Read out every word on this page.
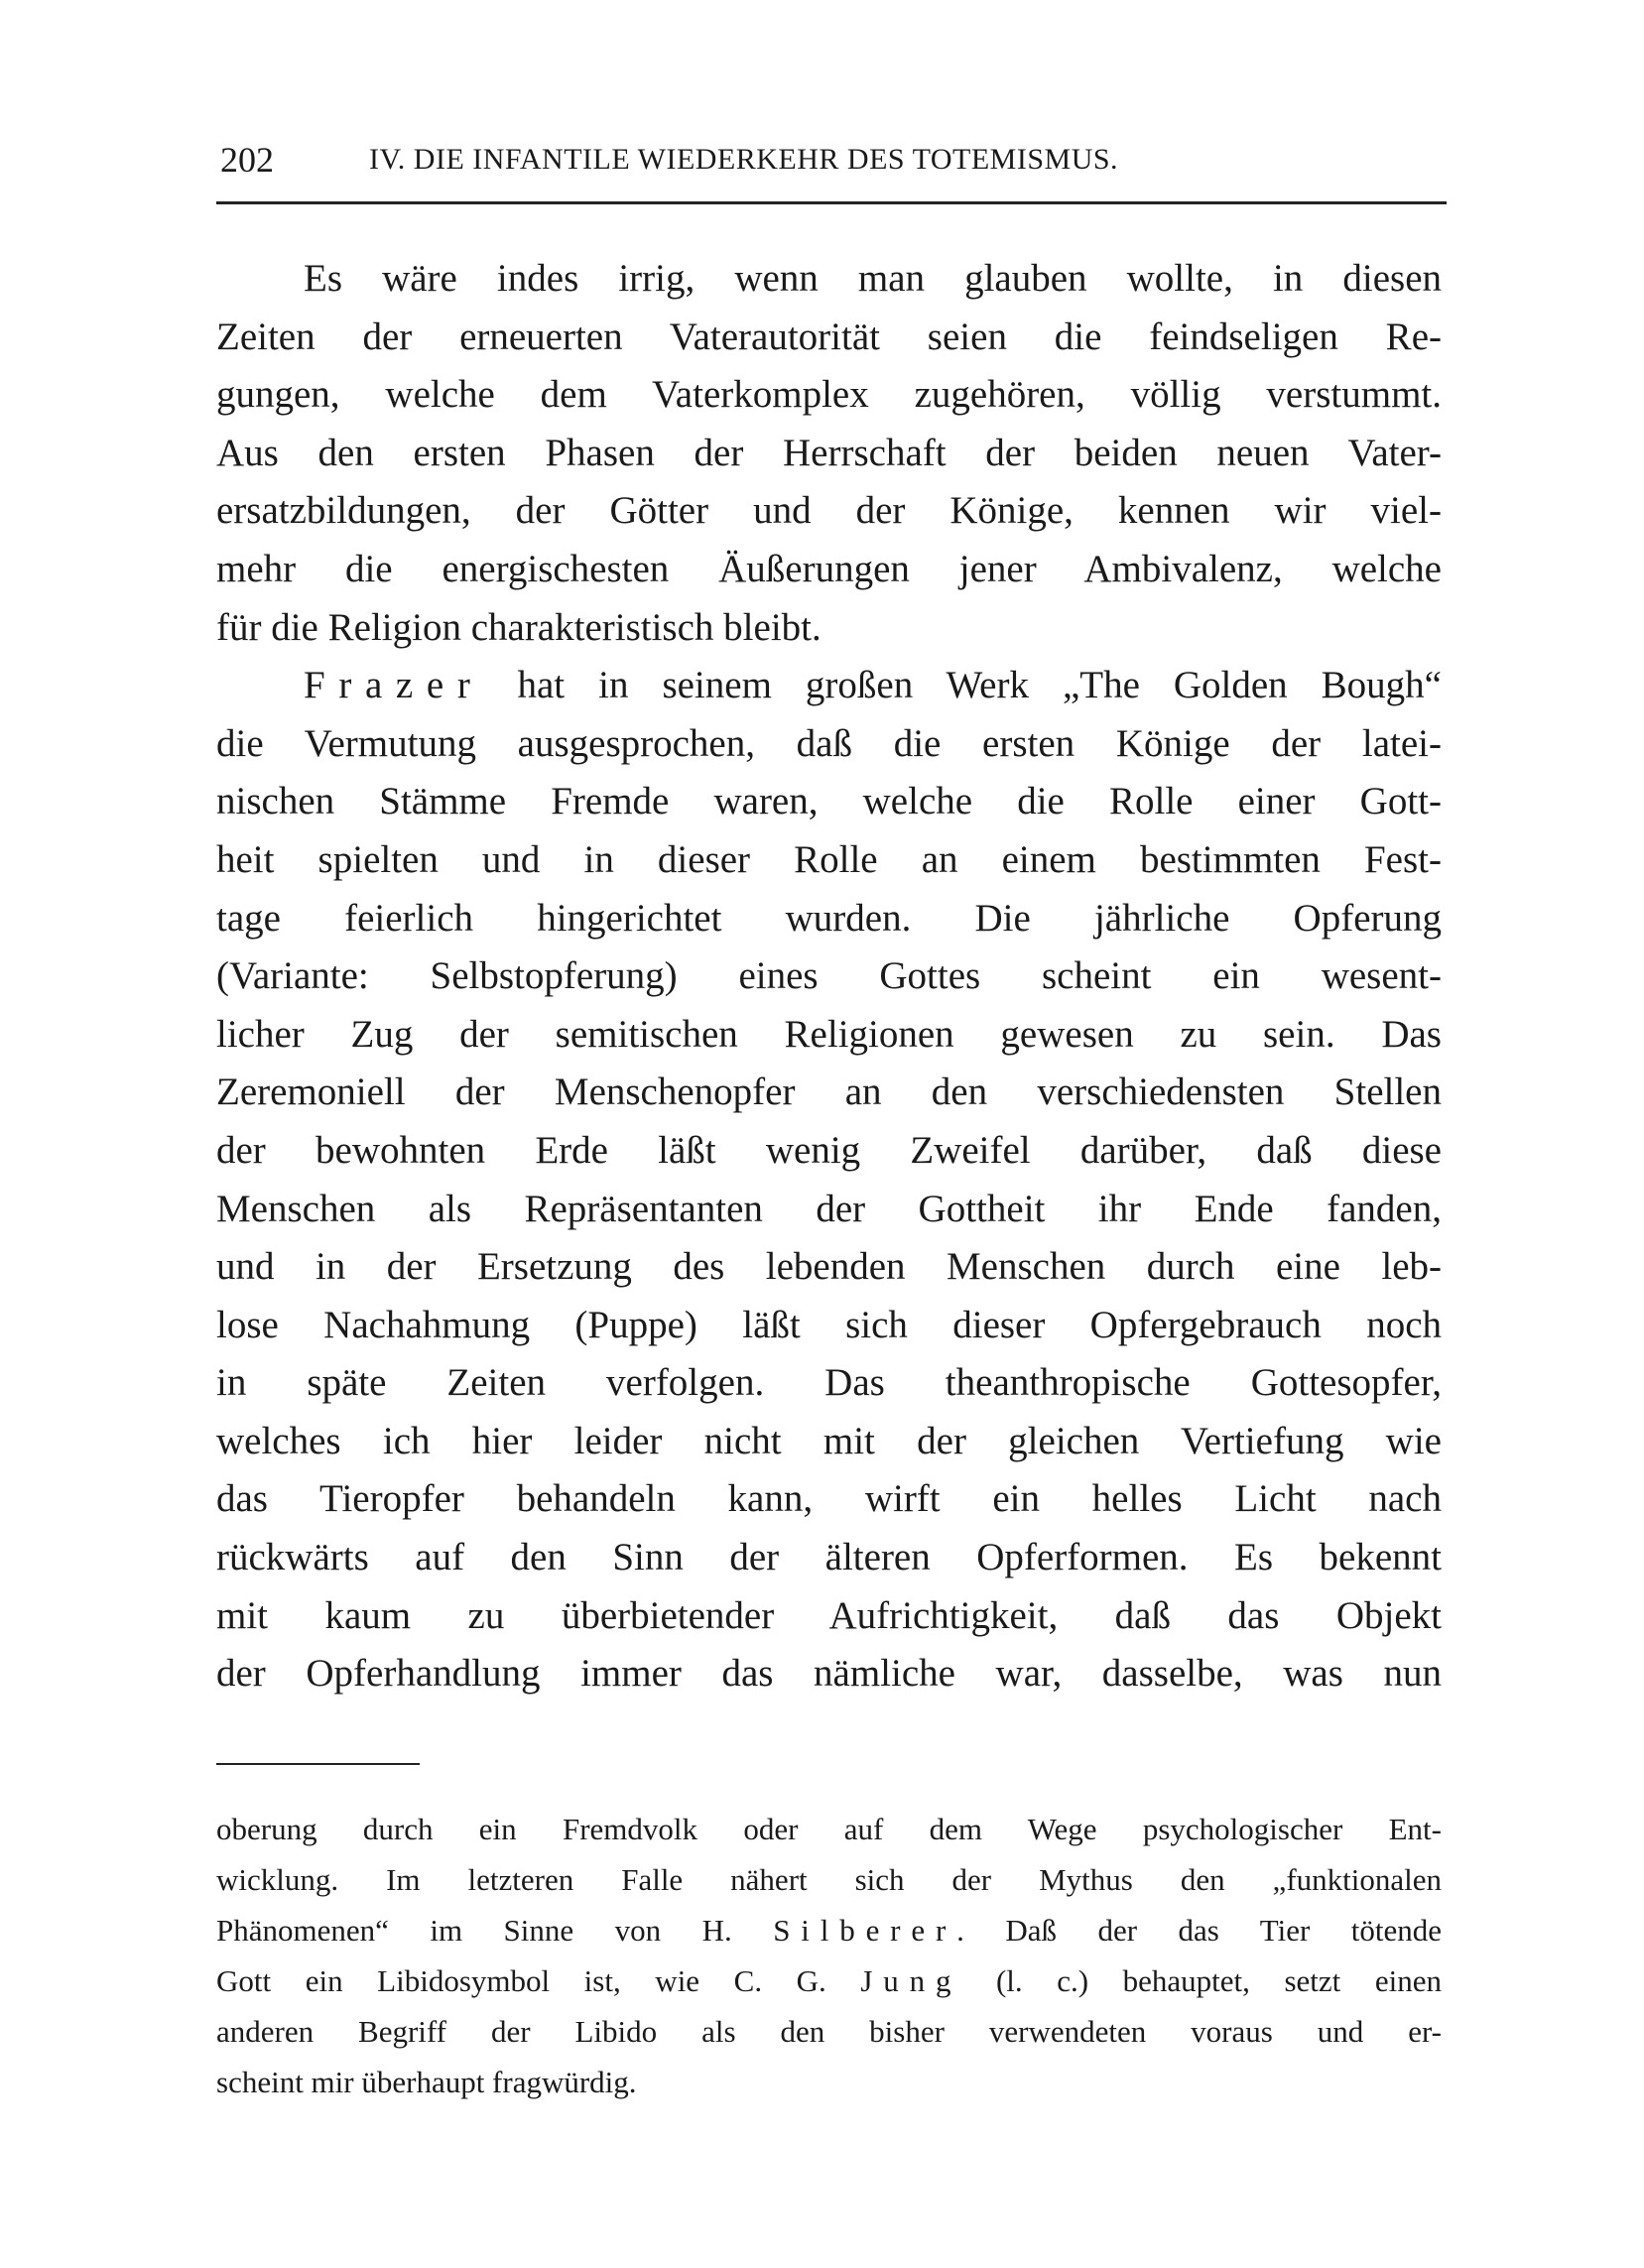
202	IV. DIE INFANTILE WIEDERKEHR DES TOTEMISMUS.
Es wäre indes irrig, wenn man glauben wollte, in diesen
Zeiten der erneuerten Vaterautorität seien die feindseligen Re-
gungen, welche dem Vaterkomplex zugehören, völlig verstummt.
Aus den ersten Phasen der Herrschaft der beiden neuen Vater-
ersatzbildungen, der Götter und der Könige, kennen wir viel-
mehr die energischesten Äußerungen jener Ambivalenz, welche
für die Religion charakteristisch bleibt.
Frazer hat in seinem großen Werk „The Golden Bough“
die Vermutung ausgesprochen, daß die ersten Könige der latei-
nischen Stämme Fremde waren, welche die Rolle einer Gott-
heit spielten und in dieser Rolle an einem bestimmten Fest-
tage feierlich hingerichtet wurden. Die jährliche Opferung
(Variante: Selbstopferung) eines Gottes scheint ein wesent-
licher Zug der semitischen Religionen gewesen zu sein. Das
Zeremoniell der Menschenopfer an den verschiedensten Stellen
der bewohnten Erde läßt wenig Zweifel darüber, daß diese
Menschen als Repräsentanten der Gottheit ihr Ende fanden,
und in der Ersetzung des lebenden Menschen durch eine leb-
lose Nachahmung (Puppe) läßt sich dieser Opfergebrauch noch
in späte Zeiten verfolgen. Das theanthropische Gottesopfer,
welches ich hier leider nicht mit der gleichen Vertiefung wie
das Tieropfer behandeln kann, wirft ein helles Licht nach
rückwärts auf den Sinn der älteren Opferformen. Es bekennt
mit kaum zu überbietender Aufrichtigkeit, daß das Objekt
der Opferhandlung immer das nämliche war, dasselbe, was nun
oberung durch ein Fremdvolk oder auf dem Wege psychologischer Ent-
wicklung. Im letzteren Falle nähert sich der Mythus den „funktionalen
Phänomenen“ im Sinne von H. Silberer. Daß der das Tier tötende
Gott ein Libidosymbol ist, wie C. G. Jung (l. c.) behauptet, setzt einen
anderen Begriff der Libido als den bisher verwendeten voraus und er-
scheint mir überhaupt fragwürdig.
